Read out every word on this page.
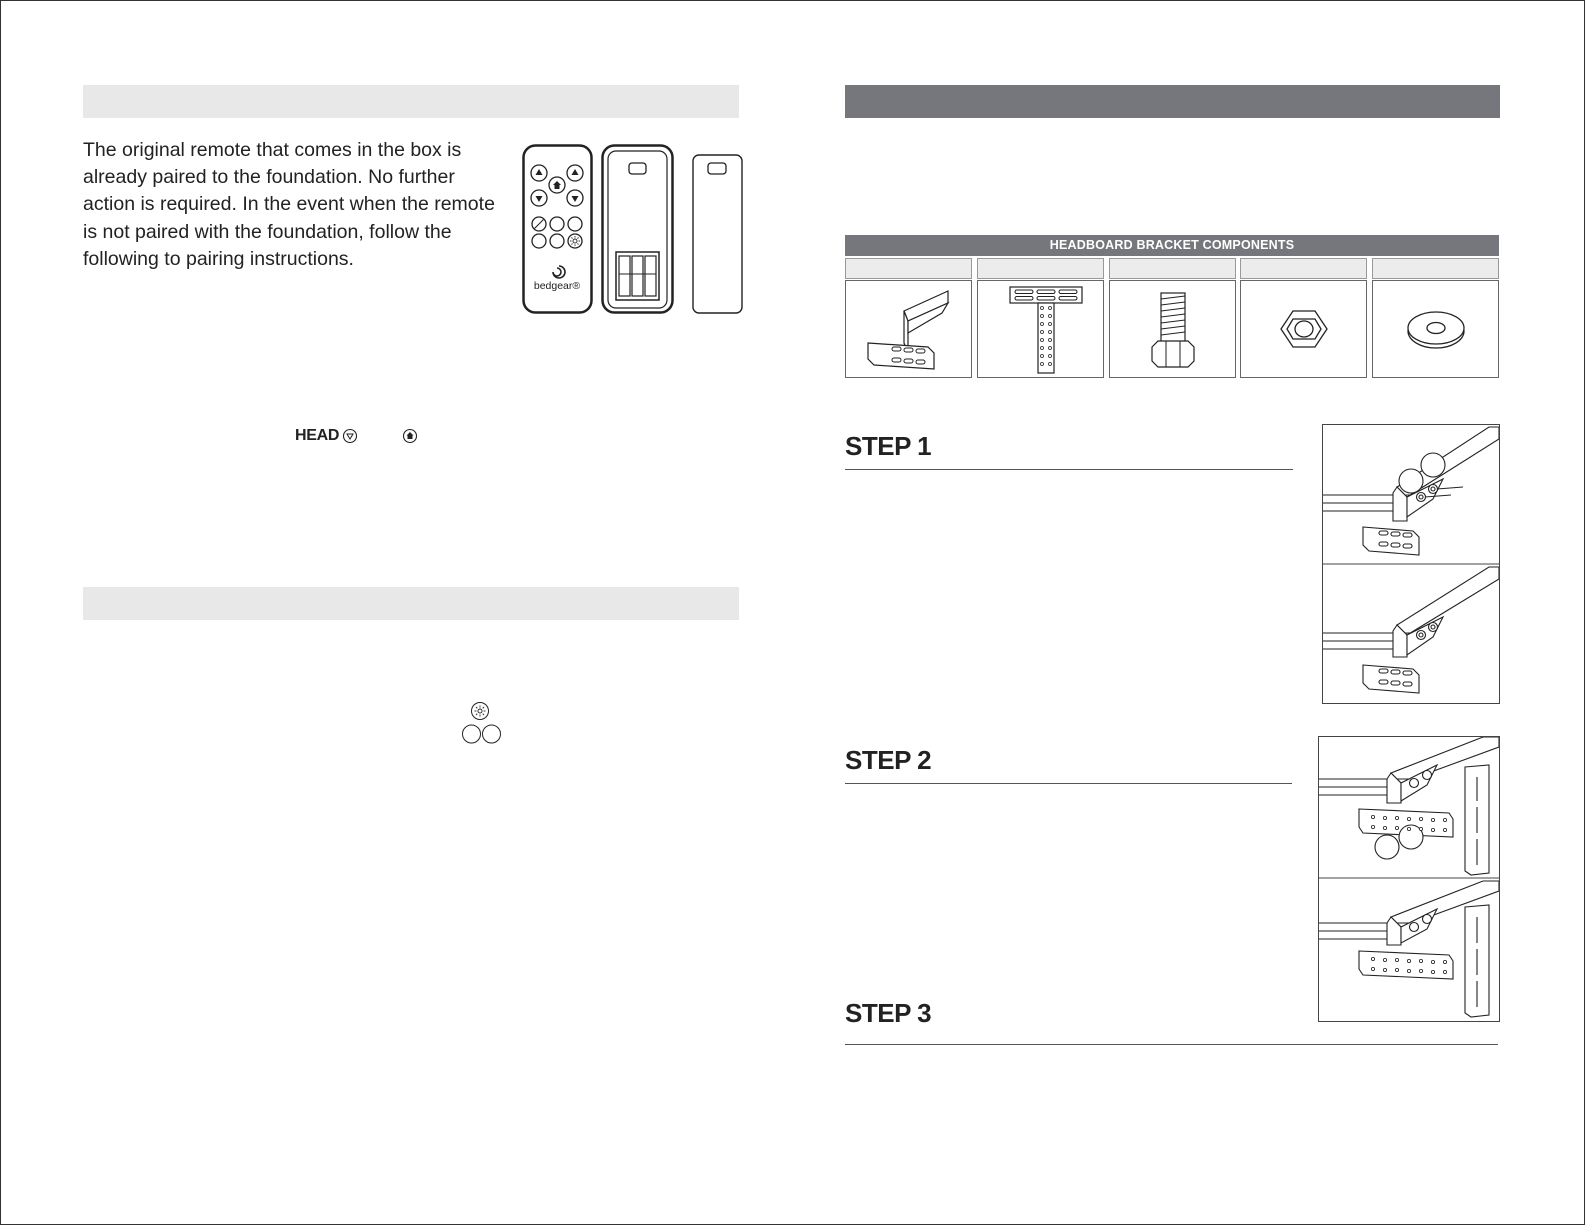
The original remote that comes in the box is
already paired to the foundation. No further
action is required. In the event when the remote
is not paired with the foundation, follow the
following to pairing instructions.

bedgear®
HEAD
HEADBOARD BRACKET COMPONENTS
STEP 1
STEP 2
STEP 3
